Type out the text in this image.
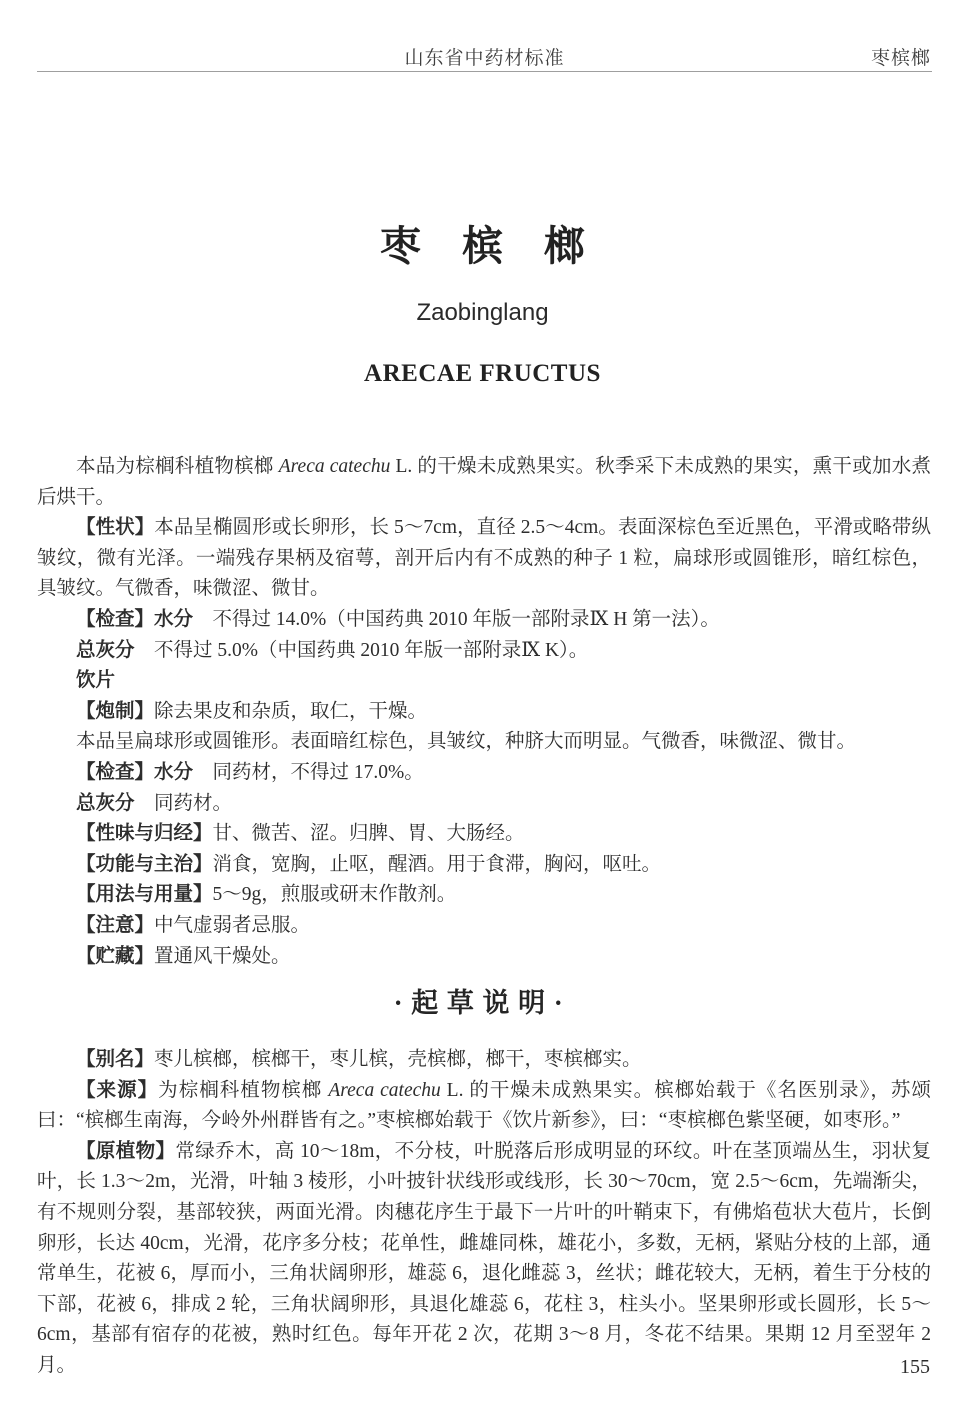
山东省中药材标准	枣槟榔
枣　槟　榔
Zaobinglang
ARECAE FRUCTUS

本品为棕榈科植物槟榔 Areca catechu L. 的干燥未成熟果实。秋季采下未成熟的果实，熏干或加水煮后烘干。

【性状】本品呈椭圆形或长卵形，长 5～7cm，直径 2.5～4cm。表面深棕色至近黑色，平滑或略带纵皱纹，微有光泽。一端残存果柄及宿萼，剖开后内有不成熟的种子 1 粒，扁球形或圆锥形，暗红棕色，具皱纹。气微香，味微涩、微甘。

【检查】水分　不得过 14.0%（中国药典 2010 年版一部附录Ⅸ H 第一法）。

总灰分　不得过 5.0%（中国药典 2010 年版一部附录Ⅸ K）。

饮片

【炮制】除去果皮和杂质，取仁，干燥。

本品呈扁球形或圆锥形。表面暗红棕色，具皱纹，种脐大而明显。气微香，味微涩、微甘。

【检查】水分　同药材，不得过 17.0%。

总灰分　同药材。

【性味与归经】甘、微苦、涩。归脾、胃、大肠经。

【功能与主治】消食，宽胸，止呕，醒酒。用于食滞，胸闷，呕吐。

【用法与用量】5～9g，煎服或研末作散剂。

【注意】中气虚弱者忌服。

【贮藏】置通风干燥处。

·起草说明·

【别名】枣儿槟榔，槟榔干，枣儿槟，壳槟榔，榔干，枣槟榔实。

【来源】为棕榈科植物槟榔 Areca catechu L. 的干燥未成熟果实。槟榔始载于《名医别录》，苏颂曰：“槟榔生南海，今岭外州群皆有之。”枣槟榔始载于《饮片新参》，曰：“枣槟榔色紫坚硬，如枣形。”

【原植物】常绿乔木，高 10～18m，不分枝，叶脱落后形成明显的环纹。叶在茎顶端丛生，羽状复叶，长 1.3～2m，光滑，叶轴 3 棱形，小叶披针状线形或线形，长 30～70cm，宽 2.5～6cm，先端渐尖，有不规则分裂，基部较狭，两面光滑。肉穗花序生于最下一片叶的叶鞘束下，有佛焰苞状大苞片，长倒卵形，长达 40cm，光滑，花序多分枝；花单性，雌雄同株，雄花小，多数，无柄，紧贴分枝的上部，通常单生，花被 6，厚而小，三角状阔卵形，雄蕊 6，退化雌蕊 3，丝状；雌花较大，无柄，着生于分枝的下部，花被 6，排成 2 轮，三角状阔卵形，具退化雄蕊 6，花柱 3，柱头小。坚果卵形或长圆形，长 5～6cm，基部有宿存的花被，熟时红色。每年开花 2 次，花期 3～8 月，冬花不结果。果期 12 月至翌年 2 月。	155
